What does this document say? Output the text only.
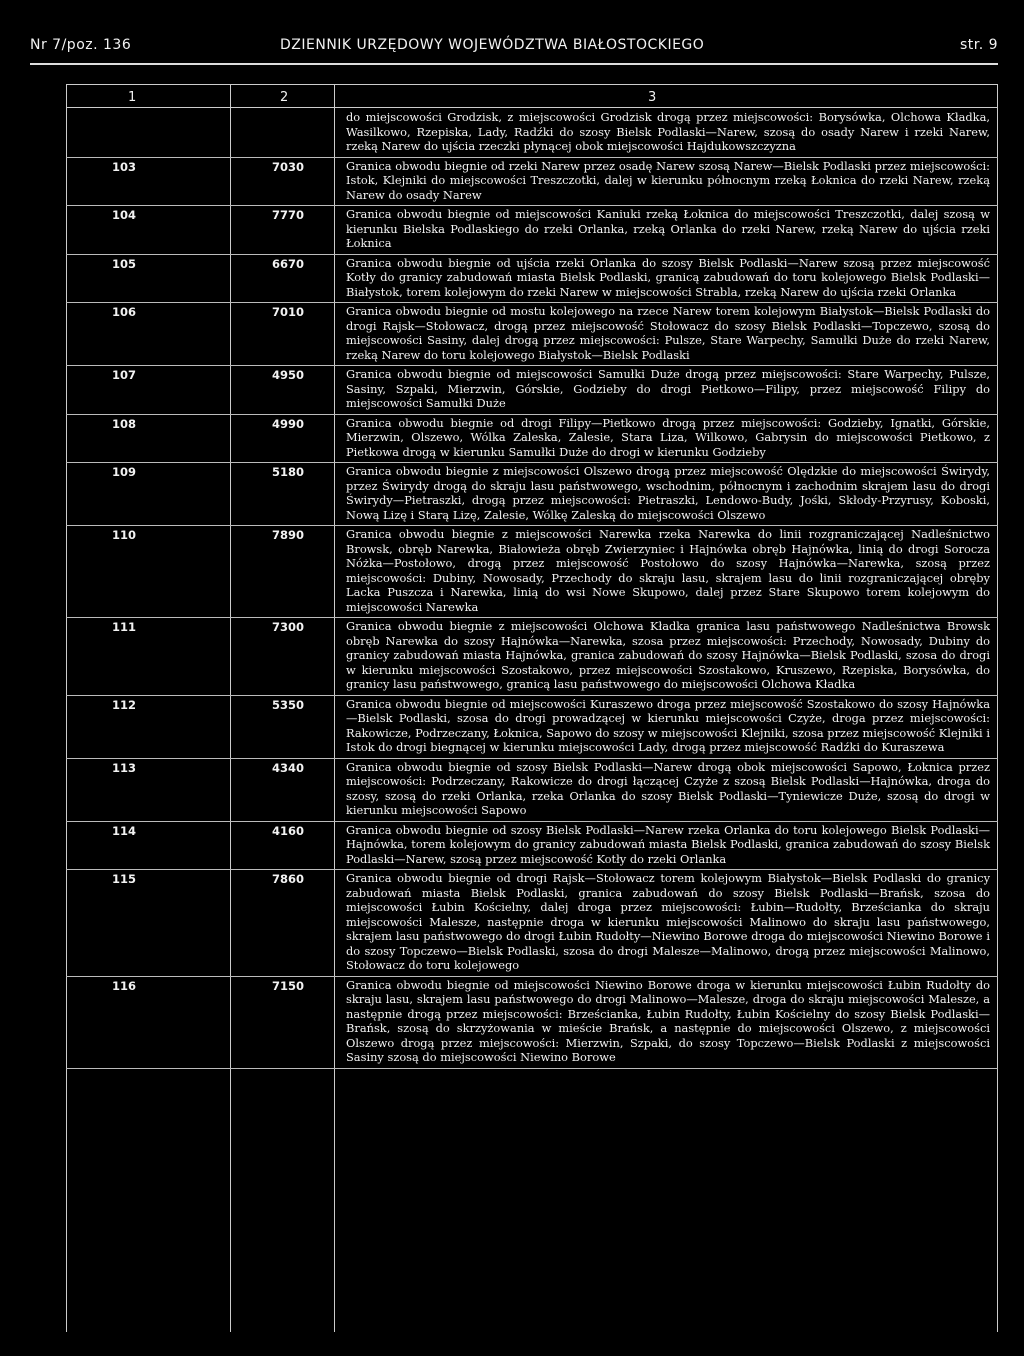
Nr 7/poz. 136	DZIENNIK URZĘDOWY WOJEWÓDZTWA BIAŁOSTOCKIEGO	str. 9
1	2	3
do miejscowości Grodzisk, z miejscowości Grodzisk drogą przez miejscowości: Borysówka, Olchowa Kładka, Wasilkowo, Rzepiska, Lady, Radźki do szosy Bielsk Podlaski—Narew, szosą do osady Narew i rzeki Narew, rzeką Narew do ujścia rzeczki płynącej obok miejscowości Hajdukowszczyzna
103	7030	Granica obwodu biegnie od rzeki Narew przez osadę Narew szosą Narew—Bielsk Podlaski przez miejscowości: Istok, Klejniki do miejscowości Treszczotki, dalej w kierunku północnym rzeką Łoknica do rzeki Narew, rzeką Narew do osady Narew
104	7770	Granica obwodu biegnie od miejscowości Kaniuki rzeką Łoknica do miejscowości Treszczotki, dalej szosą w kierunku Bielska Podlaskiego do rzeki Orlanka, rzeką Orlanka do rzeki Narew, rzeką Narew do ujścia rzeki Łoknica
105	6670	Granica obwodu biegnie od ujścia rzeki Orlanka do szosy Bielsk Podlaski—Narew szosą przez miejscowość Kotły do granicy zabudowań miasta Bielsk Podlaski, granicą zabudowań do toru kolejowego Bielsk Podlaski—Białystok, torem kolejowym do rzeki Narew w miejscowości Strabla, rzeką Narew do ujścia rzeki Orlanka
106	7010	Granica obwodu biegnie od mostu kolejowego na rzece Narew torem kolejowym Białystok—Bielsk Podlaski do drogi Rajsk—Stołowacz, drogą przez miejscowość Stołowacz do szosy Bielsk Podlaski—Topczewo, szosą do miejscowości Sasiny, dalej drogą przez miejscowości: Pulsze, Stare Warpechy, Samułki Duże do rzeki Narew, rzeką Narew do toru kolejowego Białystok—Bielsk Podlaski
107	4950	Granica obwodu biegnie od miejscowości Samułki Duże drogą przez miejscowości: Stare Warpechy, Pulsze, Sasiny, Szpaki, Mierzwin, Górskie, Godzieby do drogi Pietkowo—Filipy, przez miejscowość Filipy do miejscowości Samułki Duże
108	4990	Granica obwodu biegnie od drogi Filipy—Pietkowo drogą przez miejscowości: Godzieby, Ignatki, Górskie, Mierzwin, Olszewo, Wólka Zaleska, Zalesie, Stara Liza, Wilkowo, Gabrysin do miejscowości Pietkowo, z Pietkowa drogą w kierunku Samułki Duże do drogi w kierunku Godzieby
109	5180	Granica obwodu biegnie z miejscowości Olszewo drogą przez miejscowość Olędzkie do miejscowości Świrydy, przez Świrydy drogą do skraju lasu państwowego, wschodnim, północnym i zachodnim skrajem lasu do drogi Świrydy—Pietraszki, drogą przez miejscowości: Pietraszki, Lendowo-Budy, Jośki, Skłody-Przyrusy, Koboski, Nową Lizę i Starą Lizę, Zalesie, Wólkę Zaleską do miejscowości Olszewo
110	7890	Granica obwodu biegnie z miejscowości Narewka rzeka Narewka do linii rozgraniczającej Nadleśnictwo Browsk, obręb Narewka, Białowieża obręb Zwierzyniec i Hajnówka obręb Hajnówka, linią do drogi Sorocza Nóżka—Postołowo, drogą przez miejscowość Postołowo do szosy Hajnówka—Narewka, szosą przez miejscowości: Dubiny, Nowosady, Przechody do skraju lasu, skrajem lasu do linii rozgraniczającej obręby Lacka Puszcza i Narewka, linią do wsi Nowe Skupowo, dalej przez Stare Skupowo torem kolejowym do miejscowości Narewka
111	7300	Granica obwodu biegnie z miejscowości Olchowa Kładka granica lasu państwowego Nadleśnictwa Browsk obręb Narewka do szosy Hajnówka—Narewka, szosa przez miejscowości: Przechody, Nowosady, Dubiny do granicy zabudowań miasta Hajnówka, granica zabudowań do szosy Hajnówka—Bielsk Podlaski, szosa do drogi w kierunku miejscowości Szostakowo, przez miejscowości Szostakowo, Kruszewo, Rzepiska, Borysówka, do granicy lasu państwowego, granicą lasu państwowego do miejscowości Olchowa Kładka
112	5350	Granica obwodu biegnie od miejscowości Kuraszewo droga przez miejscowość Szostakowo do szosy Hajnówka—Bielsk Podlaski, szosa do drogi prowadzącej w kierunku miejscowości Czyże, droga przez miejscowości: Rakowicze, Podrzeczany, Łoknica, Sapowo do szosy w miejscowości Klejniki, szosa przez miejscowość Klejniki i Istok do drogi biegnącej w kierunku miejscowości Lady, drogą przez miejscowość Radźki do Kuraszewa
113	4340	Granica obwodu biegnie od szosy Bielsk Podlaski—Narew drogą obok miejscowości Sapowo, Łoknica przez miejscowości: Podrzeczany, Rakowicze do drogi łączącej Czyże z szosą Bielsk Podlaski—Hajnówka, droga do szosy, szosą do rzeki Orlanka, rzeka Orlanka do szosy Bielsk Podlaski—Tyniewicze Duże, szosą do drogi w kierunku miejscowości Sapowo
114	4160	Granica obwodu biegnie od szosy Bielsk Podlaski—Narew rzeka Orlanka do toru kolejowego Bielsk Podlaski—Hajnówka, torem kolejowym do granicy zabudowań miasta Bielsk Podlaski, granica zabudowań do szosy Bielsk Podlaski—Narew, szosą przez miejscowość Kotły do rzeki Orlanka
115	7860	Granica obwodu biegnie od drogi Rajsk—Stołowacz torem kolejowym Białystok—Bielsk Podlaski do granicy zabudowań miasta Bielsk Podlaski, granica zabudowań do szosy Bielsk Podlaski—Brańsk, szosa do miejscowości Łubin Kościelny, dalej droga przez miejscowości: Łubin—Rudołty, Brześcianka do skraju miejscowości Malesze, następnie droga w kierunku miejscowości Malinowo do skraju lasu państwowego, skrajem lasu państwowego do drogi Łubin Rudołty—Niewino Borowe droga do miejscowości Niewino Borowe i do szosy Topczewo—Bielsk Podlaski, szosa do drogi Malesze—Malinowo, drogą przez miejscowości Malinowo, Stołowacz do toru kolejowego
116	7150	Granica obwodu biegnie od miejscowości Niewino Borowe droga w kierunku miejscowości Łubin Rudołty do skraju lasu, skrajem lasu państwowego do drogi Malinowo—Malesze, droga do skraju miejscowości Malesze, a następnie drogą przez miejscowości: Brześcianka, Łubin Rudołty, Łubin Kościelny do szosy Bielsk Podlaski—Brańsk, szosą do skrzyżowania w mieście Brańsk, a następnie do miejscowości Olszewo, z miejscowości Olszewo drogą przez miejscowości: Mierzwin, Szpaki, do szosy Topczewo—Bielsk Podlaski z miejscowości Sasiny szosą do miejscowości Niewino Borowe
